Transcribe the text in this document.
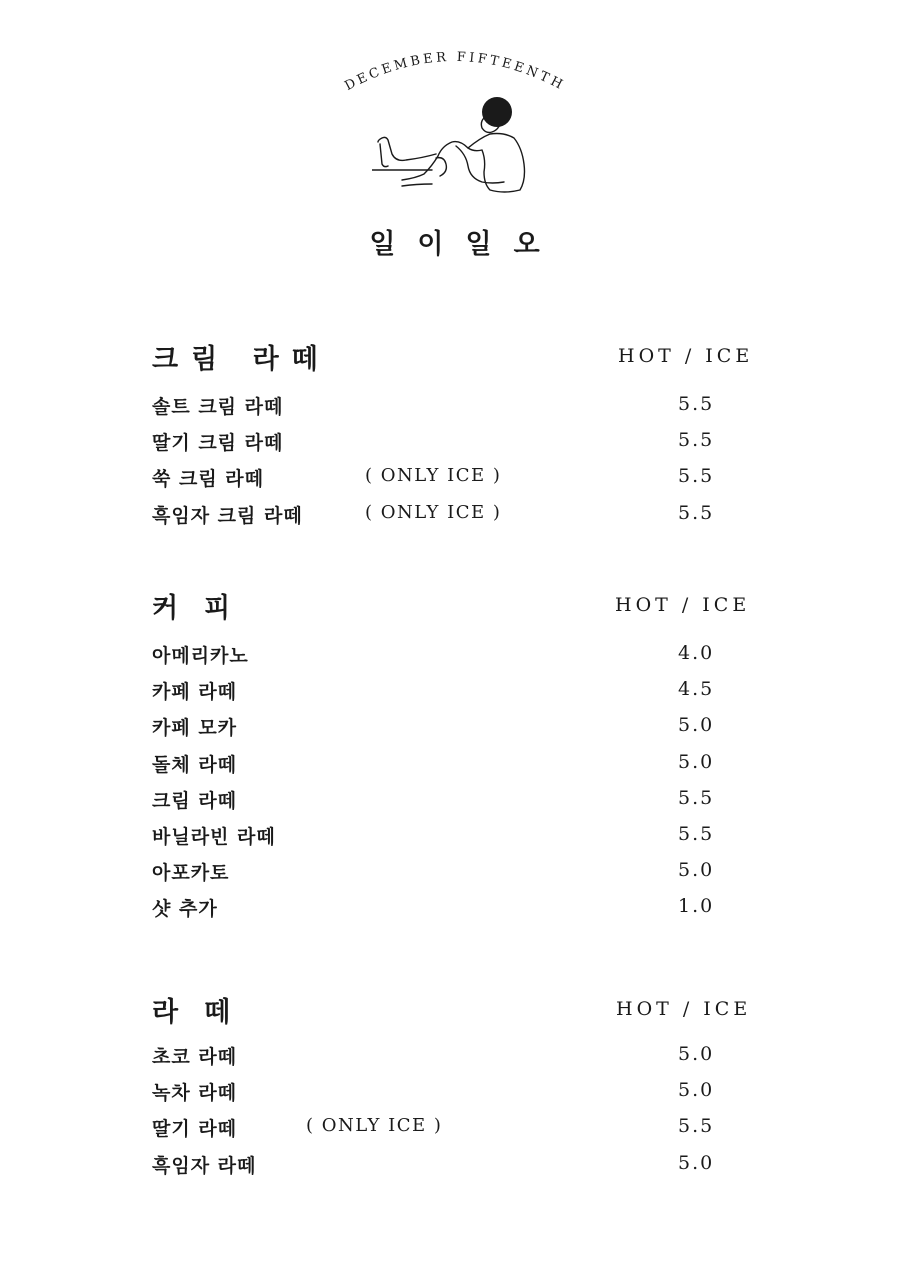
DECEMBER FIFTEENTH
일이일오
크림 라떼	HOT / ICE
솔트 크림 라떼	5.5
딸기 크림 라떼	5.5
쑥 크림 라떼	( ONLY ICE )	5.5
흑임자 크림 라떼	( ONLY ICE )	5.5
커피	HOT / ICE
아메리카노	4.0
카페 라떼	4.5
카페 모카	5.0
돌체 라떼	5.0
크림 라떼	5.5
바닐라빈 라떼	5.5
아포카토	5.0
샷 추가	1.0
라떼	HOT / ICE
초코 라떼	5.0
녹차 라떼	5.0
딸기 라떼	( ONLY ICE )	5.5
흑임자 라떼	5.0
